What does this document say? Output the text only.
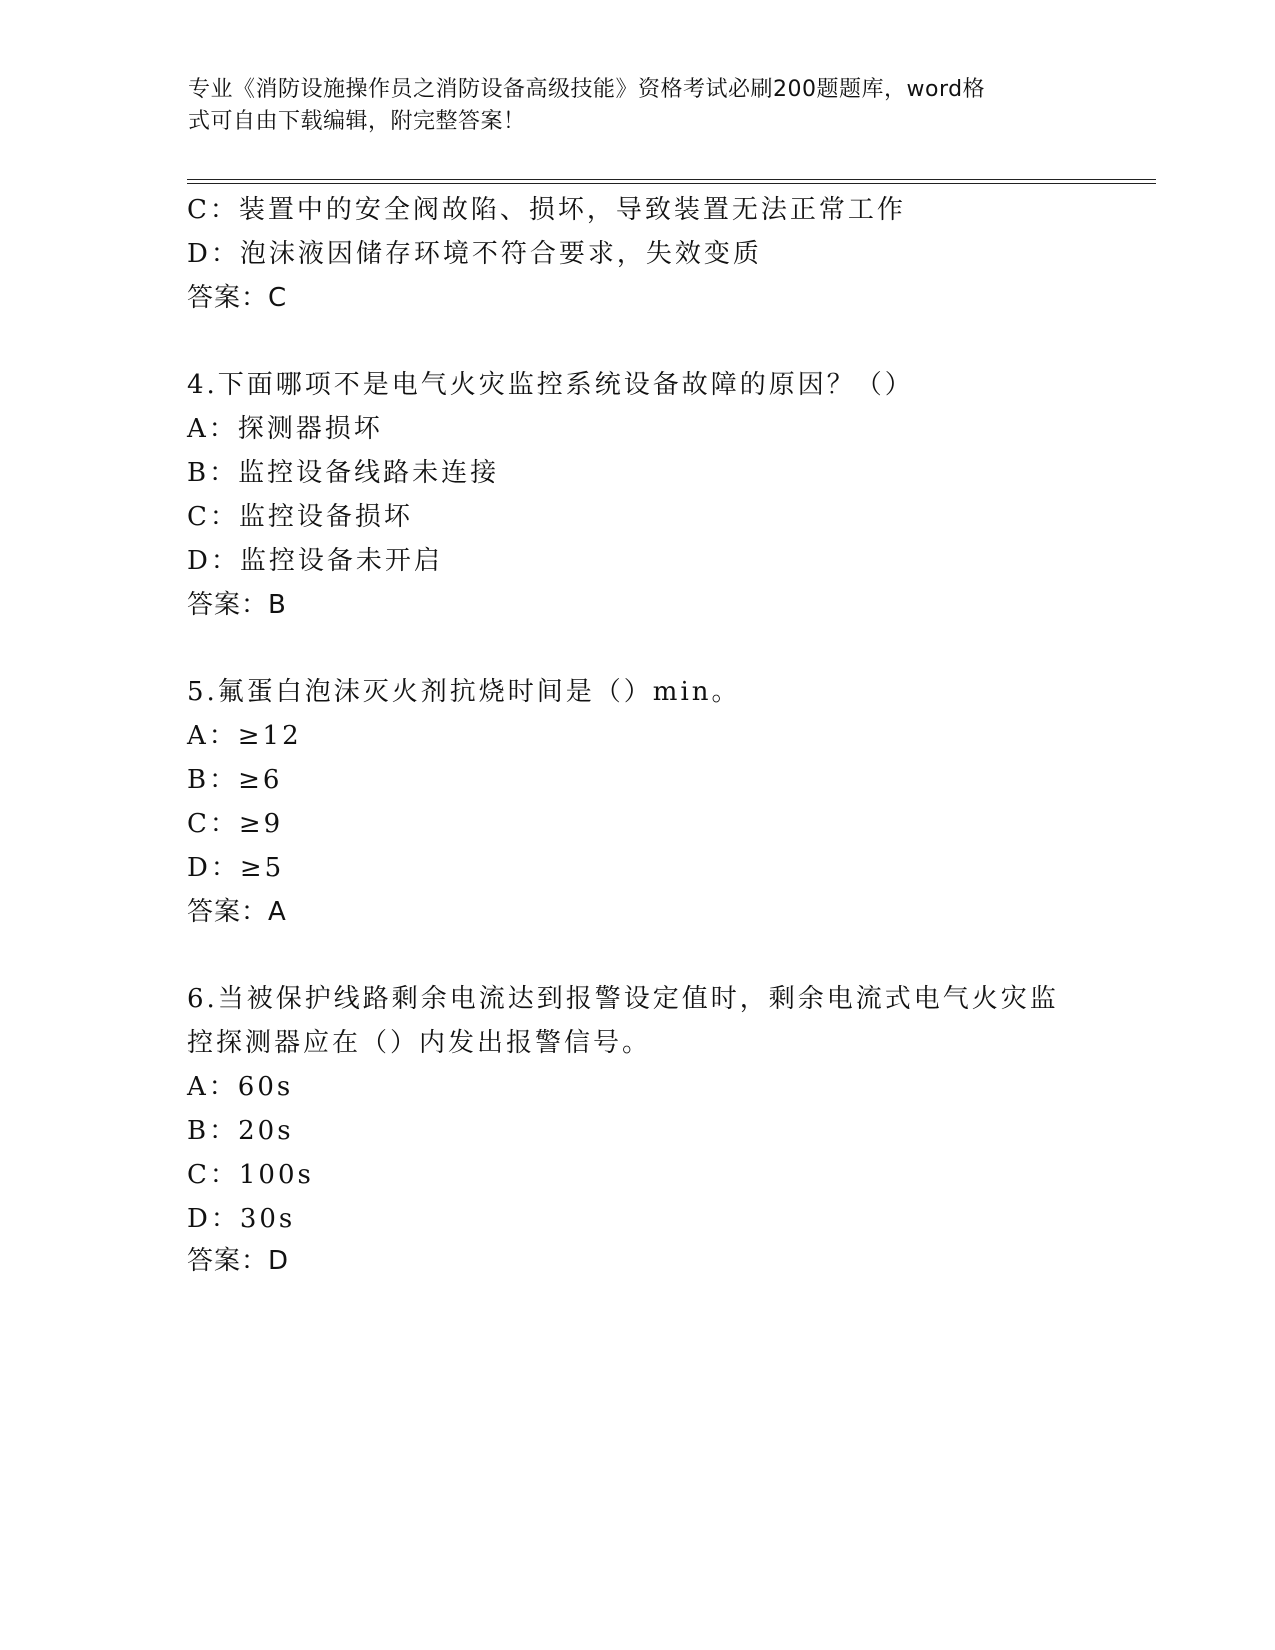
专业《消防设施操作员之消防设备高级技能》资格考试必刷200题题库，word格
式可自由下载编辑，附完整答案！
C：装置中的安全阀故陷、损坏，导致装置无法正常工作
D：泡沫液因储存环境不符合要求，失效变质
答案：C
4.下面哪项不是电气火灾监控系统设备故障的原因？（）
A：探测器损坏
B：监控设备线路未连接
C：监控设备损坏
D：监控设备未开启
答案：B
5.氟蛋白泡沫灭火剂抗烧时间是（）min。
A：≥12
B：≥6
C：≥9
D：≥5
答案：A
6.当被保护线路剩余电流达到报警设定值时，剩余电流式电气火灾监
控探测器应在（）内发出报警信号。
A：60s
B：20s
C：100s
D：30s
答案：D
